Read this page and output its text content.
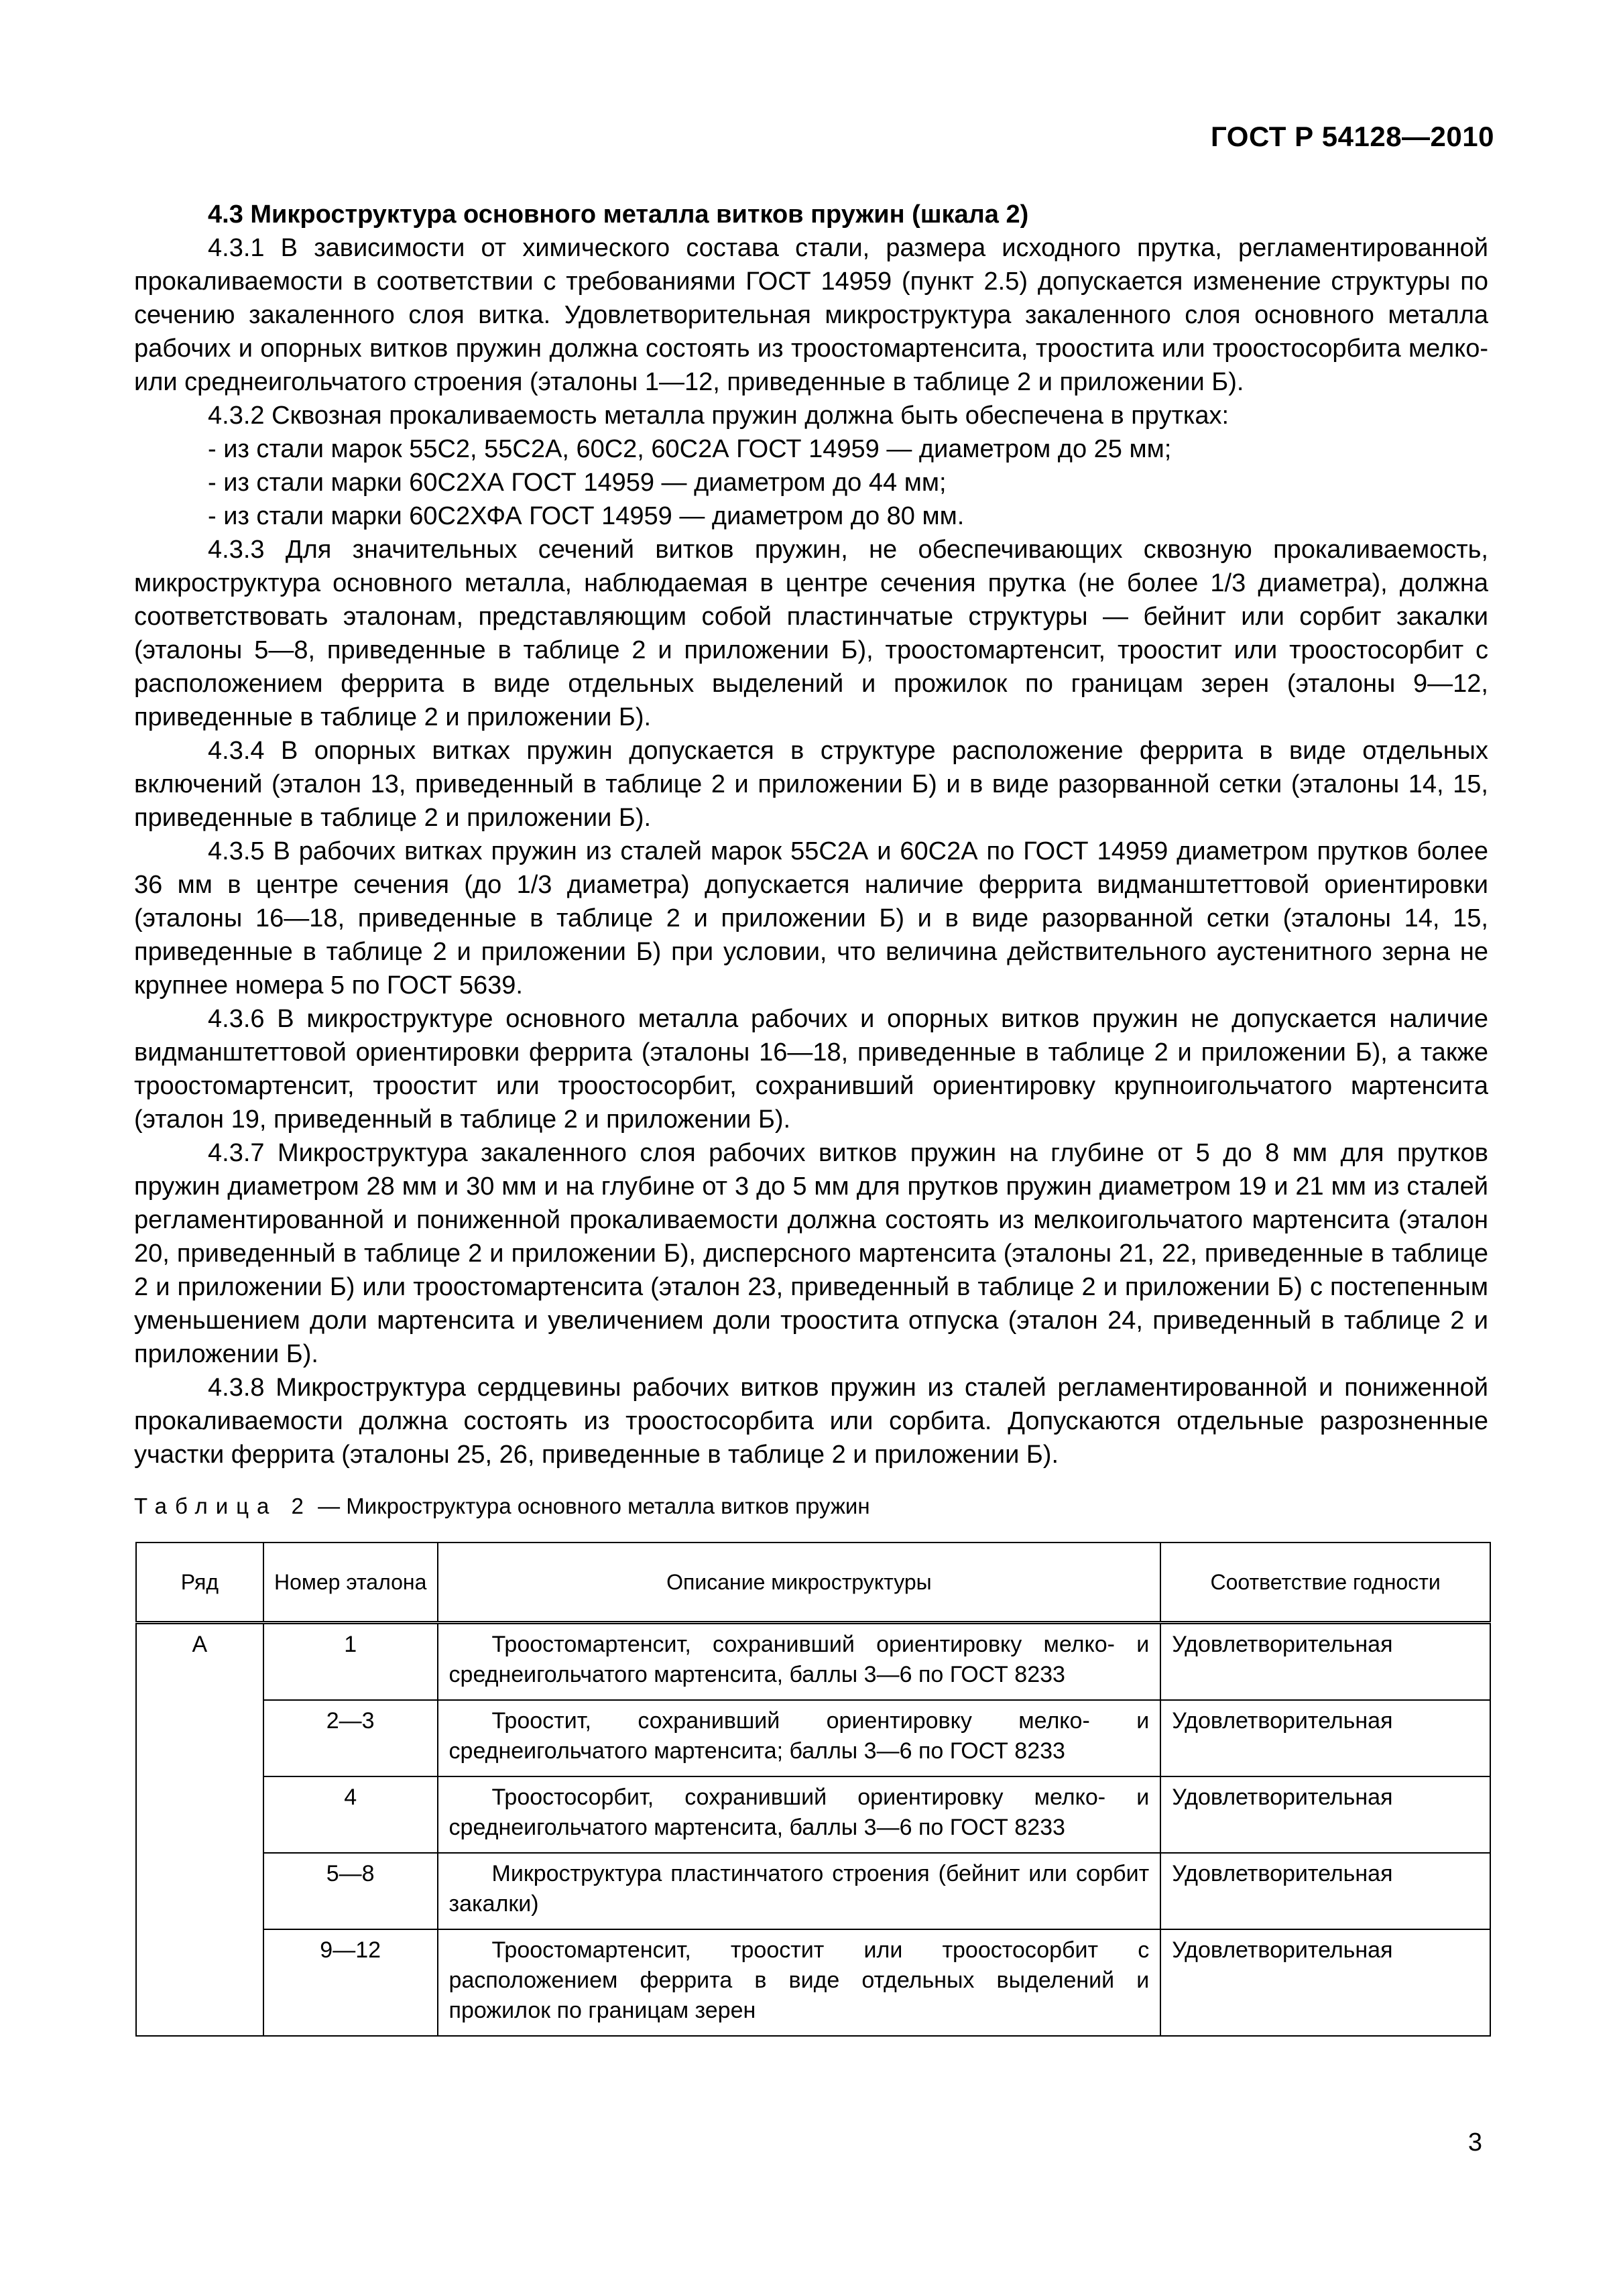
ГОСТ Р 54128—2010

4.3 Микроструктура основного металла витков пружин (шкала 2)

4.3.1 В зависимости от химического состава стали, размера исходного прутка, регламентированной прокаливаемости в соответствии с требованиями ГОСТ 14959 (пункт 2.5) допускается изменение структуры по сечению закаленного слоя витка. Удовлетворительная микроструктура закаленного слоя основного металла рабочих и опорных витков пружин должна состоять из троостомартенсита, троостита или троостосорбита мелко- или среднеигольчатого строения (эталоны 1—12, приведенные в таблице 2 и приложении Б).

4.3.2 Сквозная прокаливаемость металла пружин должна быть обеспечена в прутках:

- из стали марок 55С2, 55С2А, 60С2, 60С2А ГОСТ 14959 — диаметром до 25 мм;

- из стали марки 60С2ХА ГОСТ 14959 — диаметром до 44 мм;

- из стали марки 60С2ХФА ГОСТ 14959 — диаметром до 80 мм.

4.3.3 Для значительных сечений витков пружин, не обеспечивающих сквозную прокаливаемость, микроструктура основного металла, наблюдаемая в центре сечения прутка (не более 1/3 диаметра), должна соответствовать эталонам, представляющим собой пластинчатые структуры — бейнит или сорбит закалки (эталоны 5—8, приведенные в таблице 2 и приложении Б), троостомартенсит, троостит или троостосорбит с расположением феррита в виде отдельных выделений и прожилок по границам зерен (эталоны 9—12, приведенные в таблице 2 и приложении Б).

4.3.4 В опорных витках пружин допускается в структуре расположение феррита в виде отдельных включений (эталон 13, приведенный в таблице 2 и приложении Б) и в виде разорванной сетки (эталоны 14, 15, приведенные в таблице 2 и приложении Б).

4.3.5 В рабочих витках пружин из сталей марок 55С2А и 60С2А по ГОСТ 14959 диаметром прутков более 36 мм в центре сечения (до 1/3 диаметра) допускается наличие феррита видманштеттовой ориентировки (эталоны 16—18, приведенные в таблице 2 и приложении Б) и в виде разорванной сетки (эталоны 14, 15, приведенные в таблице 2 и приложении Б) при условии, что величина действительного аустенитного зерна не крупнее номера 5 по ГОСТ 5639.

4.3.6 В микроструктуре основного металла рабочих и опорных витков пружин не допускается наличие видманштеттовой ориентировки феррита (эталоны 16—18, приведенные в таблице 2 и приложении Б), а также троостомартенсит, троостит или троостосорбит, сохранивший ориентировку крупноигольчатого мартенсита (эталон 19, приведенный в таблице 2 и приложении Б).

4.3.7 Микроструктура закаленного слоя рабочих витков пружин на глубине от 5 до 8 мм для прутков пружин диаметром 28 мм и 30 мм и на глубине от 3 до 5 мм для прутков пружин диаметром 19 и 21 мм из сталей регламентированной и пониженной прокаливаемости должна состоять из мелкоигольчатого мартенсита (эталон 20, приведенный в таблице 2 и приложении Б), дисперсного мартенсита (эталоны 21, 22, приведенные в таблице 2 и приложении Б) или троостомартенсита (эталон 23, приведенный в таблице 2 и приложении Б) с постепенным уменьшением доли мартенсита и увеличением доли троостита отпуска (эталон 24, приведенный в таблице 2 и приложении Б).

4.3.8 Микроструктура сердцевины рабочих витков пружин из сталей регламентированной и пониженной прокаливаемости должна состоять из троостосорбита или сорбита. Допускаются отдельные разрозненные участки феррита (эталоны 25, 26, приведенные в таблице 2 и приложении Б).

Таблица 2 — Микроструктура основного металла витков пружин
Ряд	Номер эталона	Описание микроструктуры	Соответствие годности
А	1	Троостомартенсит, сохранивший ориентировку мелко- и среднеигольчатого мартенсита, баллы 3—6 по ГОСТ 8233	Удовлетворительная
	2—3	Троостит, сохранивший ориентировку мелко- и среднеигольчатого мартенсита; баллы 3—6 по ГОСТ 8233	Удовлетворительная
	4	Троостосорбит, сохранивший ориентировку мелко- и среднеигольчатого мартенсита, баллы 3—6 по ГОСТ 8233	Удовлетворительная
	5—8	Микроструктура пластинчатого строения (бейнит или сорбит закалки)	Удовлетворительная
	9—12	Троостомартенсит, троостит или троостосорбит с расположением феррита в виде отдельных выделений и прожилок по границам зерен	Удовлетворительная
3
